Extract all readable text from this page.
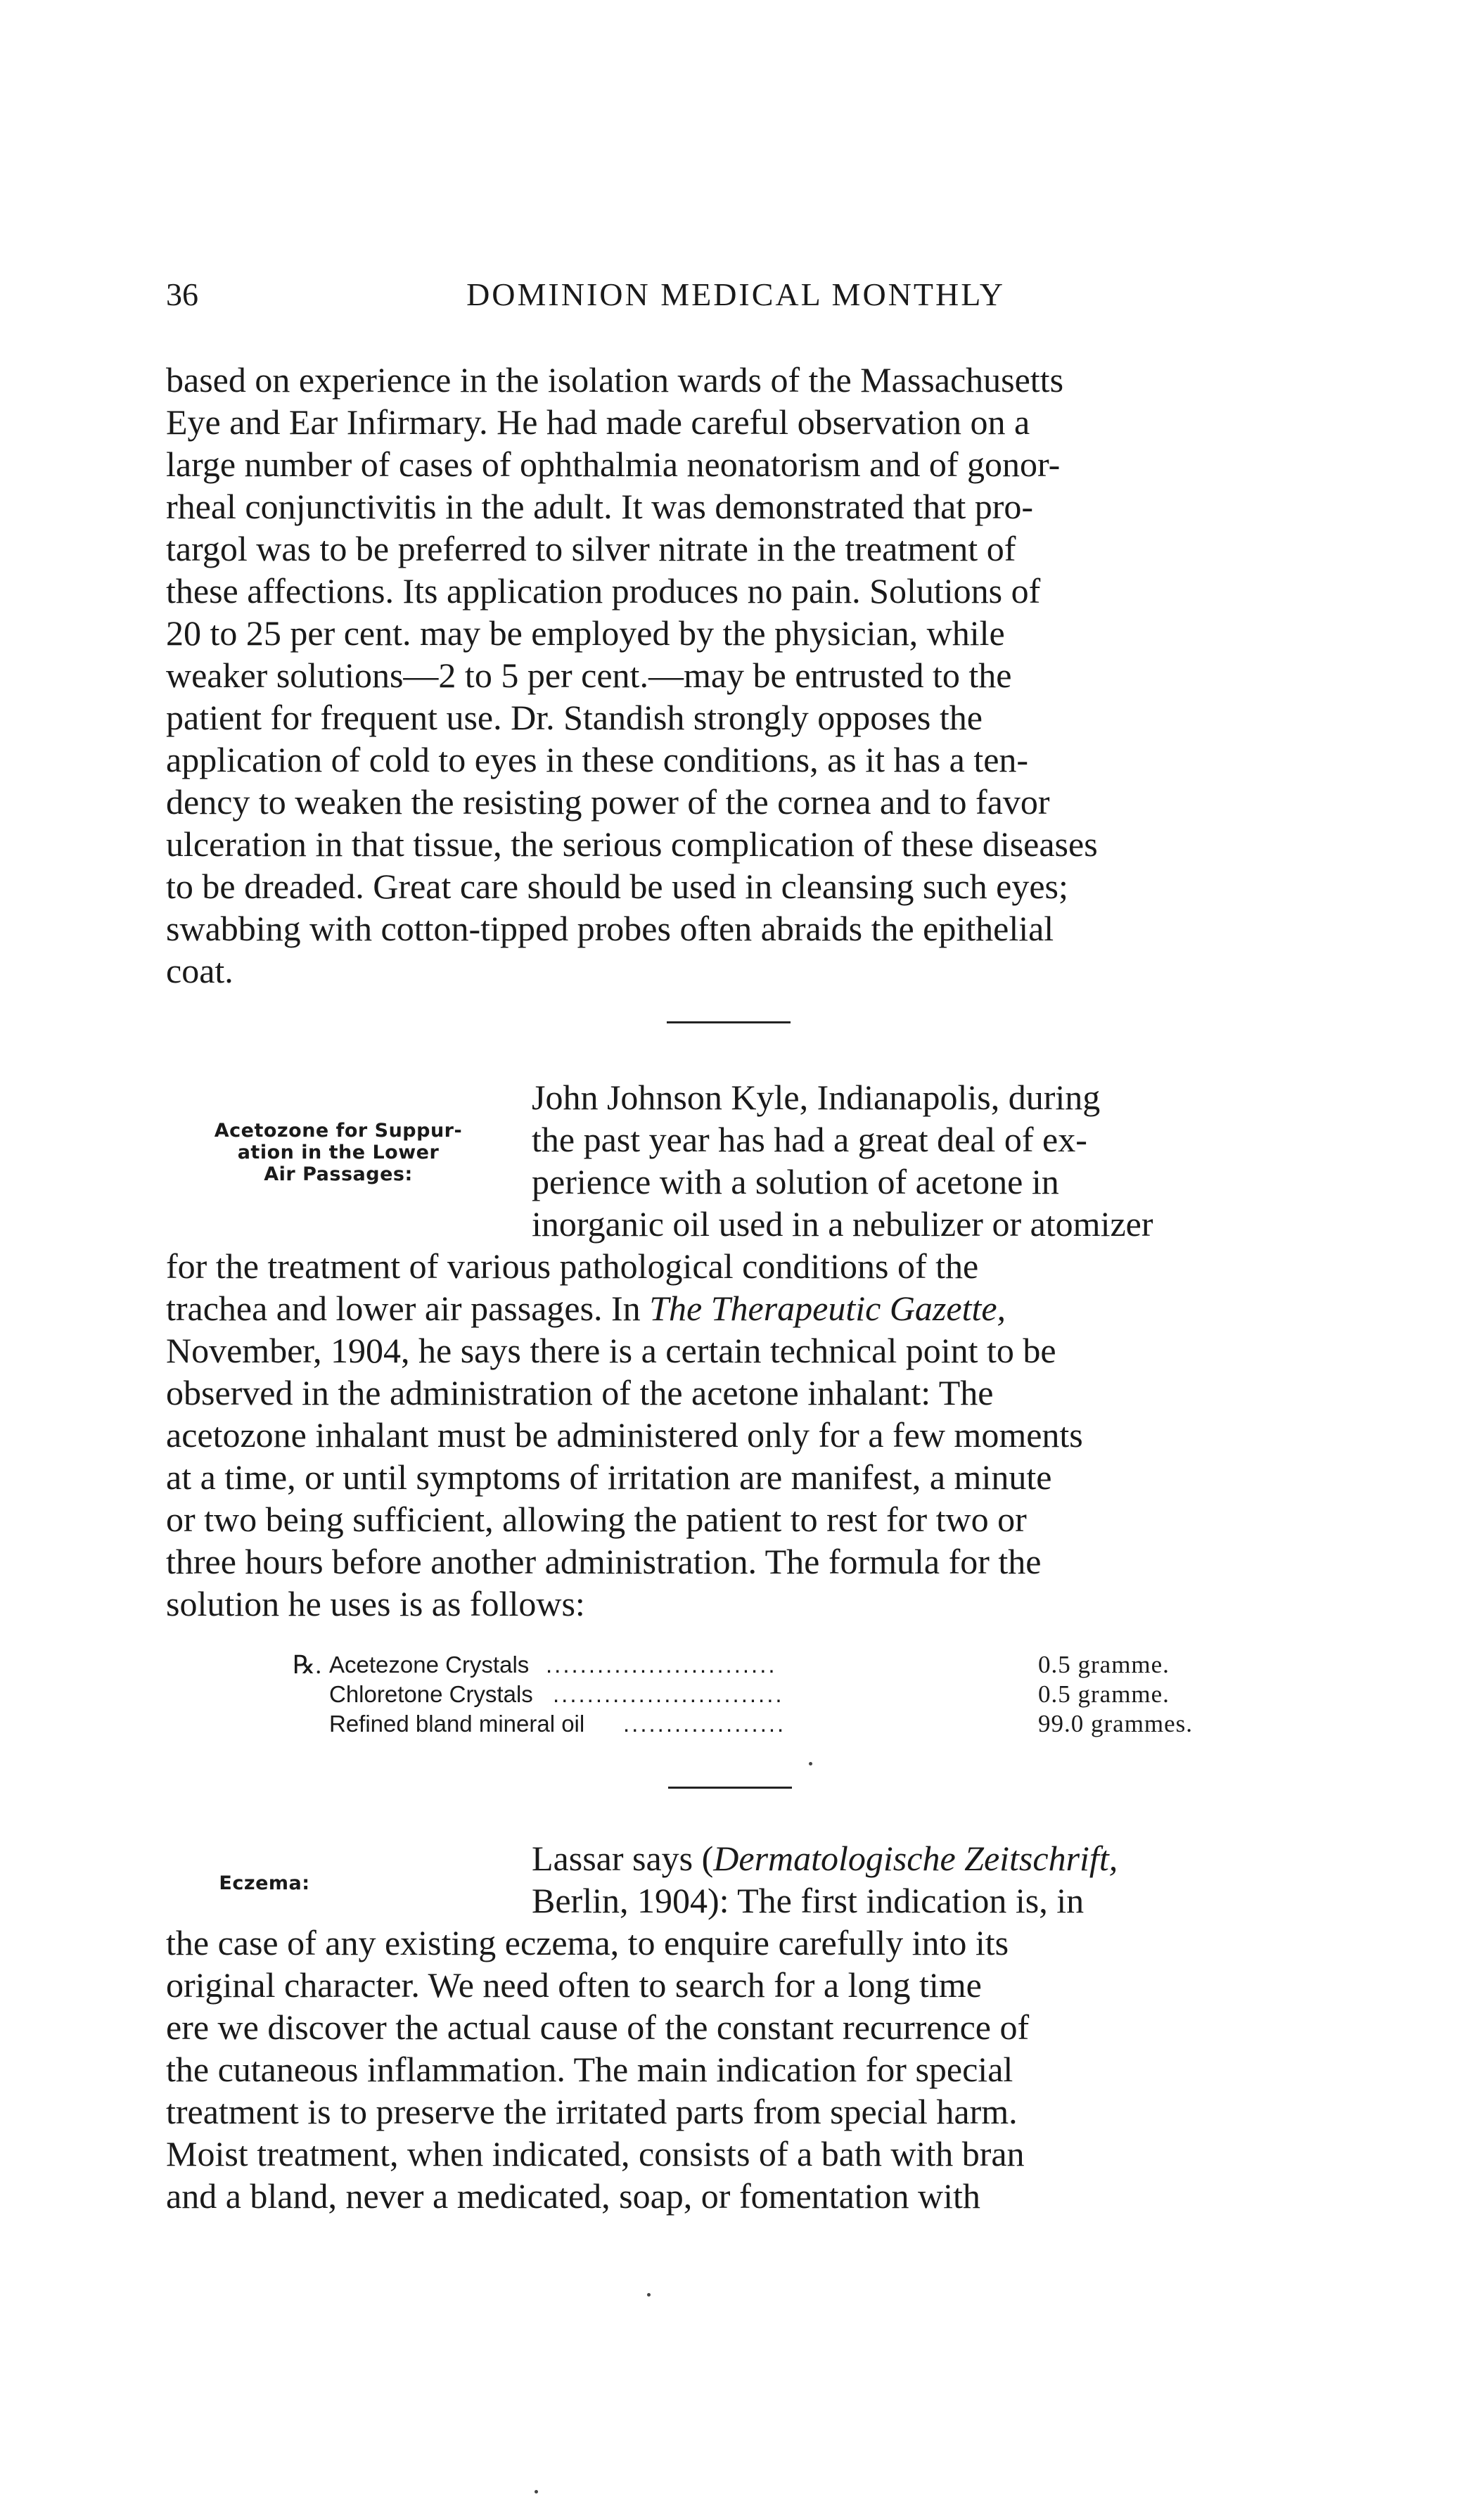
36	DOMINION MEDICAL MONTHLY
based on experience in the isolation wards of the Massachusetts
Eye and Ear Infirmary. He had made careful observation on a
large number of cases of ophthalmia neonatorism and of gonor-
rheal conjunctivitis in the adult. It was demonstrated that pro-
targol was to be preferred to silver nitrate in the treatment of
these affections. Its application produces no pain. Solutions of
20 to 25 per cent. may be employed by the physician, while
weaker solutions—2 to 5 per cent.—may be entrusted to the
patient for frequent use. Dr. Standish strongly opposes the
application of cold to eyes in these conditions, as it has a ten-
dency to weaken the resisting power of the cornea and to favor
ulceration in that tissue, the serious complication of these diseases
to be dreaded. Great care should be used in cleansing such eyes;
swabbing with cotton-tipped probes often abraids the epithelial
coat.
Acetozone for Suppur-
ation in the Lower
Air Passages:
John Johnson Kyle, Indianapolis, during
the past year has had a great deal of ex-
perience with a solution of acetone in
inorganic oil used in a nebulizer or atomizer
for the treatment of various pathological conditions of the
trachea and lower air passages. In The Therapeutic Gazette,
November, 1904, he says there is a certain technical point to be
observed in the administration of the acetone inhalant: The
acetozone inhalant must be administered only for a few moments
at a time, or until symptoms of irritation are manifest, a minute
or two being sufficient, allowing the patient to rest for two or
three hours before another administration. The formula for the
solution he uses is as follows:
℞. Acetezone Crystals ...........................	0.5 gramme.
Chloretone Crystals ...........................	0.5 gramme.
Refined bland mineral oil ...................	99.0 grammes.
Eczema:
Lassar says (Dermatologische Zeitschrift,
Berlin, 1904): The first indication is, in
the case of any existing eczema, to enquire carefully into its
original character. We need often to search for a long time
ere we discover the actual cause of the constant recurrence of
the cutaneous inflammation. The main indication for special
treatment is to preserve the irritated parts from special harm.
Moist treatment, when indicated, consists of a bath with bran
and a bland, never a medicated, soap, or fomentation with
